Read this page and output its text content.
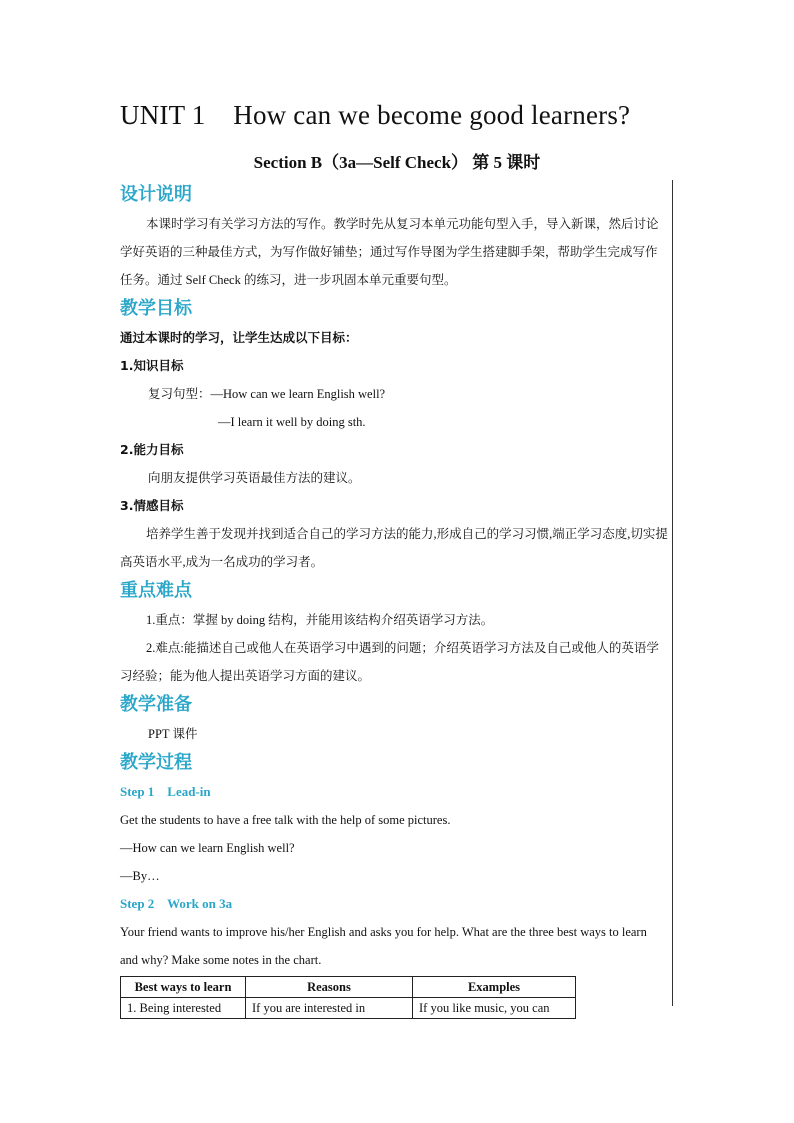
UNIT 1    How can we become good learners?
Section B（3a—Self Check） 第 5 课时
设计说明
本课时学习有关学习方法的写作。教学时先从复习本单元功能句型入手，导入新课，然后讨论学好英语的三种最佳方式，为写作做好铺垫；通过写作导图为学生搭建脚手架，帮助学生完成写作任务。通过 Self Check 的练习，进一步巩固本单元重要句型。
教学目标
通过本课时的学习，让学生达成以下目标：
1.知识目标
复习句型：—How can we learn English well?
—I learn it well by doing sth.
2.能力目标
向朋友提供学习英语最佳方法的建议。
3.情感目标
培养学生善于发现并找到适合自己的学习方法的能力,形成自己的学习习惯,端正学习态度,切实提高英语水平,成为一名成功的学习者。
重点难点
1.重点：掌握 by doing 结构，并能用该结构介绍英语学习方法。
2.难点:能描述自己或他人在英语学习中遇到的问题；介绍英语学习方法及自己或他人的英语学习经验；能为他人提出英语学习方面的建议。
教学准备
PPT 课件
教学过程
Step 1    Lead-in
Get the students to have a free talk with the help of some pictures.
—How can we learn English well?
—By…
Step 2    Work on 3a
Your friend wants to improve his/her English and asks you for help. What are the three best ways to learn and why? Make some notes in the chart.
Best ways to learn	Reasons	Examples
1. Being interested	If you are interested in	If you like music, you can
